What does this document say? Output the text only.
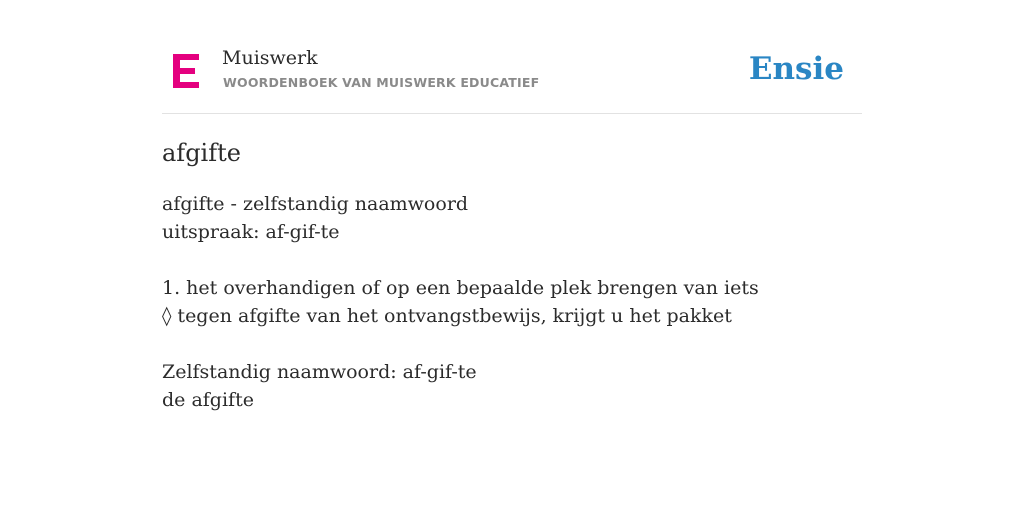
Muiswerk
WOORDENBOEK VAN MUISWERK EDUCATIEF	Ensie
afgifte
afgifte - zelfstandig naamwoord
uitspraak: af-gif-te
1. het overhandigen of op een bepaalde plek brengen van iets
◊ tegen afgifte van het ontvangstbewijs, krijgt u het pakket
Zelfstandig naamwoord: af-gif-te
de afgifte
